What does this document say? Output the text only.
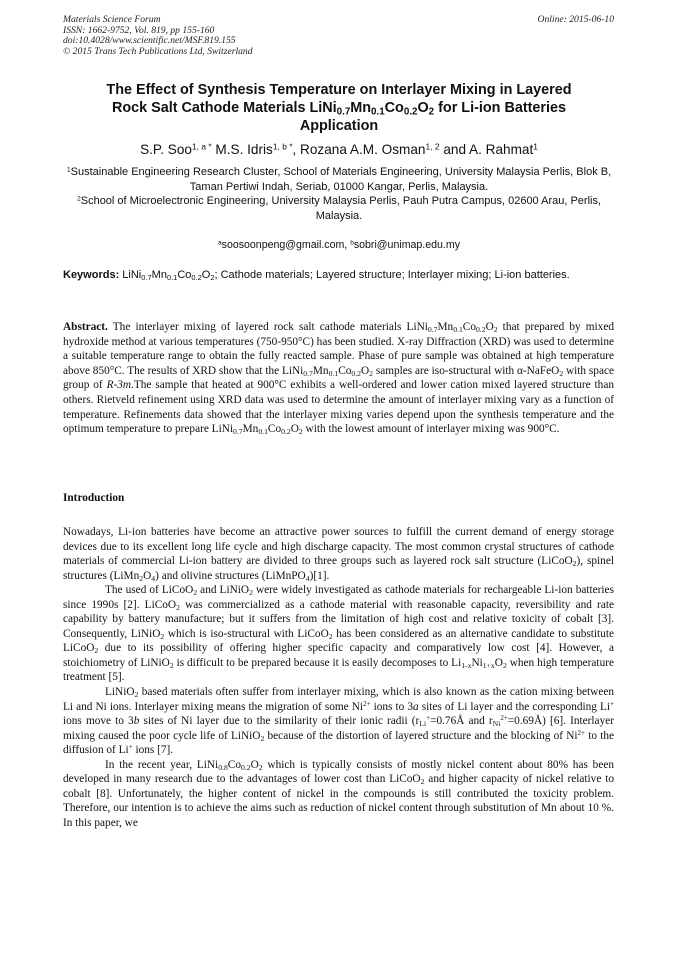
Materials Science Forum
ISSN: 1662-9752, Vol. 819, pp 155-160
doi:10.4028/www.scientific.net/MSF.819.155
© 2015 Trans Tech Publications Ltd, Switzerland
Online: 2015-06-10
The Effect of Synthesis Temperature on Interlayer Mixing in Layered
Rock Salt Cathode Materials $LiNi_{0.7}Mn_{0.1}Co_{0.2}O_2$ for Li-ion Batteries
Application
S.P. Soo$^{1, a *}$ M.S. Idris$^{1, b *}$, Rozana A.M. Osman$^{1, 2}$ and A. Rahmat$^1$
$^1$Sustainable Engineering Research Cluster, School of Materials Engineering, University Malaysia Perlis, Blok B, Taman Pertiwi Indah, Seriab, 01000 Kangar, Perlis, Malaysia.
$^2$School of Microelectronic Engineering, University Malaysia Perlis, Pauh Putra Campus, 02600 Arau, Perlis, Malaysia.
$^a$soosoonpeng@gmail.com, $^b$sobri@unimap.edu.my
Keywords: $LiNi_{0.7}Mn_{0.1}Co_{0.2}O_2$; Cathode materials; Layered structure; Interlayer mixing; Li-ion batteries.
Abstract. The interlayer mixing of layered rock salt cathode materials $LiNi_{0.7}Mn_{0.1}Co_{0.2}O_2$ that prepared by mixed hydroxide method at various temperatures (750-950°C) has been studied. X-ray Diffraction (XRD) was used to determine a suitable temperature range to obtain the fully reacted sample. Phase of pure sample was obtained at high temperature above 850°C. The results of XRD show that the $LiNi_{0.7}Mn_{0.1}Co_{0.2}O_2$ samples are iso-structural with α-NaFeO$_2$ with space group of R-3m.The sample that heated at 900°C exhibits a well-ordered and lower cation mixed layered structure than others. Rietveld refinement using XRD data was used to determine the amount of interlayer mixing vary as a function of temperature. Refinements data showed that the interlayer mixing varies depend upon the synthesis temperature and the optimum temperature to prepare $LiNi_{0.7}Mn_{0.1}Co_{0.2}O_2$ with the lowest amount of interlayer mixing was 900°C.
Introduction

Nowadays, Li-ion batteries have become an attractive power sources to fulfill the current demand of energy storage devices due to its excellent long life cycle and high discharge capacity. The most common crystal structures of cathode materials of commercial Li-ion battery are divided to three groups such as layered rock salt structure (LiCoO$_2$), spinel structures $(LiMn_2O_4)$ and olivine structures (LiMnPO$_4$)[1].

The used of LiCoO$_2$ and LiNiO$_2$ were widely investigated as cathode materials for rechargeable Li-ion batteries since 1990s [2]. LiCoO$_2$ was commercialized as a cathode material with reasonable capacity, reversibility and rate capability by battery manufacture; but it suffers from the limitation of high cost and relative toxicity of cobalt [3]. Consequently, LiNiO$_2$ which is iso-structural with LiCoO$_2$ has been considered as an alternative candidate to substitute LiCoO$_2$ due to its possibility of offering higher specific capacity and comparatively low cost [4]. However, a stoichiometry of LiNiO$_2$ is difficult to be prepared because it is easily decomposes to $Li_{1-x}Ni_{1+x}O_2$ when high temperature treatment [5].

LiNiO$_2$ based materials often suffer from interlayer mixing, which is also known as the cation mixing between Li and Ni ions. Interlayer mixing means the migration of some $Ni^{2+}$ ions to 3a sites of Li layer and the corresponding Li+ ions move to 3b sites of Ni layer due to the similarity of their ionic radii ($r_{Li}^+=0.76Å$ and $r_{Ni}^{2+}=0.69Å$) [6]. Interlayer mixing caused the poor cycle life of LiNiO$_2$ because of the distortion of layered structure and the blocking of $Ni^{2+}$ to the diffusion of Li+ ions [7].

In the recent year, $LiNi_{0.8}Co_{0.2}O_2$ which is typically consists of mostly nickel content about 80% has been developed in many research due to the advantages of lower cost than LiCoO$_2$ and higher capacity of nickel relative to cobalt [8]. Unfortunately, the higher content of nickel in the compounds is still contributed the toxicity problem. Therefore, our intention is to achieve the aims such as reduction of nickel content through substitution of Mn about 10 %. In this paper, we
